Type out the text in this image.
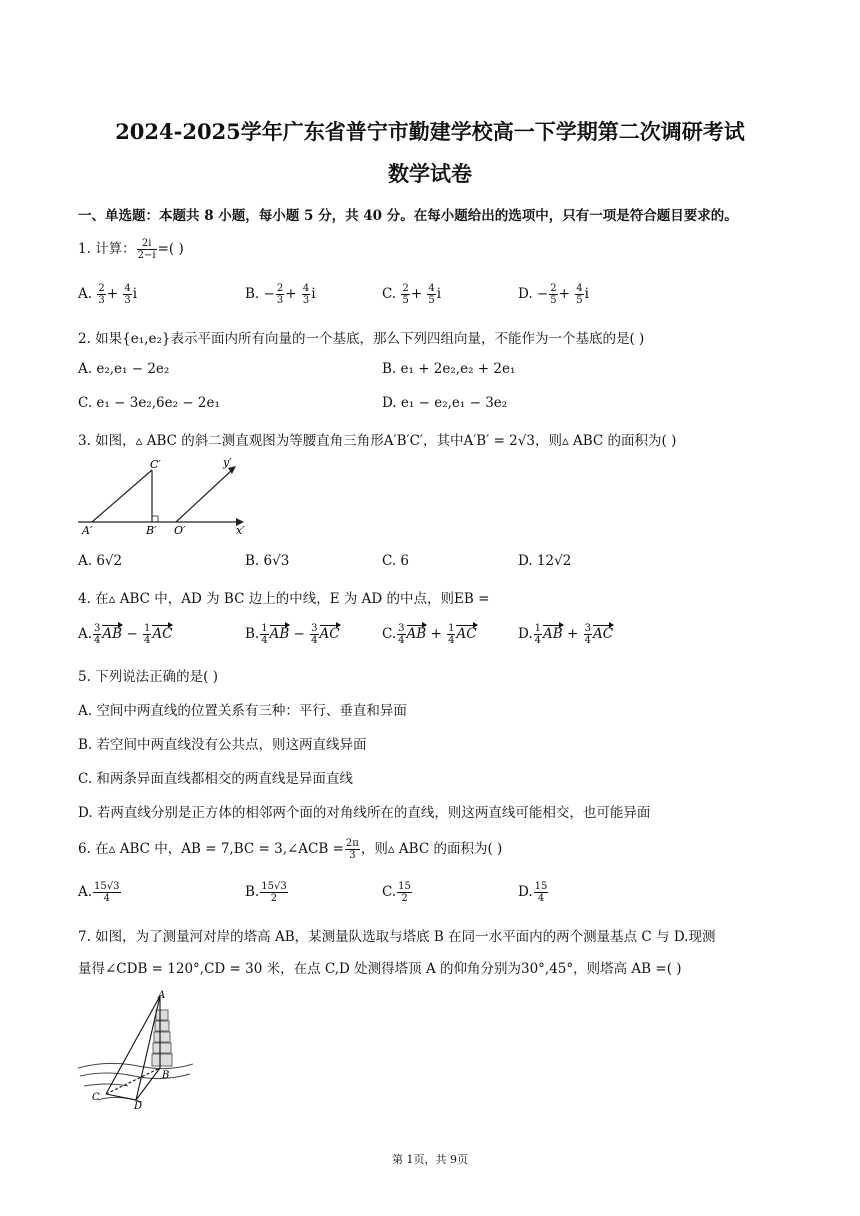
2024-2025学年广东省普宁市勤建学校高一下学期第二次调研考试
数学试卷
一、单选题：本题共 8 小题，每小题 5 分，共 40 分。在每小题给出的选项中，只有一项是符合题目要求的。
1. 计算： $\frac{2i}{2-i}$ =( )
A. $\frac{2}{3} + \frac{4}{3}$ i	B. − $\frac{2}{3} + \frac{4}{3}$ i	C. $\frac{2}{5} + \frac{4}{5}$ i	D. − $\frac{2}{5} + \frac{4}{5}$ i
2. 如果{e₁,e₂}表示平面内所有向量的一个基底，那么下列四组向量，不能作为一个基底的是( )
A. e₂,e₁ − 2e₂	B. e₁ + 2e₂,e₂ + 2e₁
C. e₁ − 3e₂,6e₂ − 2e₁	D. e₁ − e₂,e₁ − 3e₂
3. 如图，▵ ABC 的斜二测直观图为等腰直角三角形A′B′C′，其中A′B′ = 2√3，则▵ ABC 的面积为( )
C′	y′
A′	B′ O′	x′
A. 6√2	B. 6√3	C. 6	D. 12√2
4. 在▵ ABC 中，AD 为 BC 边上的中线，E 为 AD 的中点，则EB =
A. $\frac{3}{4}$ AB − $\frac{1}{4}$ AC	B. $\frac{1}{4}$ AB − $\frac{3}{4}$ AC	C. $\frac{3}{4}$ AB + $\frac{1}{4}$ AC	D. $\frac{1}{4}$ AB + $\frac{3}{4}$ AC
5. 下列说法正确的是( )
A. 空间中两直线的位置关系有三种：平行、垂直和异面
B. 若空间中两直线没有公共点，则这两直线异面
C. 和两条异面直线都相交的两直线是异面直线
D. 若两直线分别是正方体的相邻两个面的对角线所在的直线，则这两直线可能相交，也可能异面
6. 在▵ ABC 中，AB = 7,BC = 3,∠ACB = $\frac{2\pi}{3}$ ，则▵ ABC 的面积为( )
A. $\frac{15√3}{4}$	B. $\frac{15√3}{2}$	C. $\frac{15}{2}$	D. $\frac{15}{4}$
7. 如图，为了测量河对岸的塔高 AB，某测量队选取与塔底 B 在同一水平面内的两个测量基点 C 与 D.现测
量得∠CDB = 120°,CD = 30 米，在点 C,D 处测得塔顶 A 的仰角分别为30°,45°，则塔高 AB =( )
A
B
C
D
第 1页，共 9页
